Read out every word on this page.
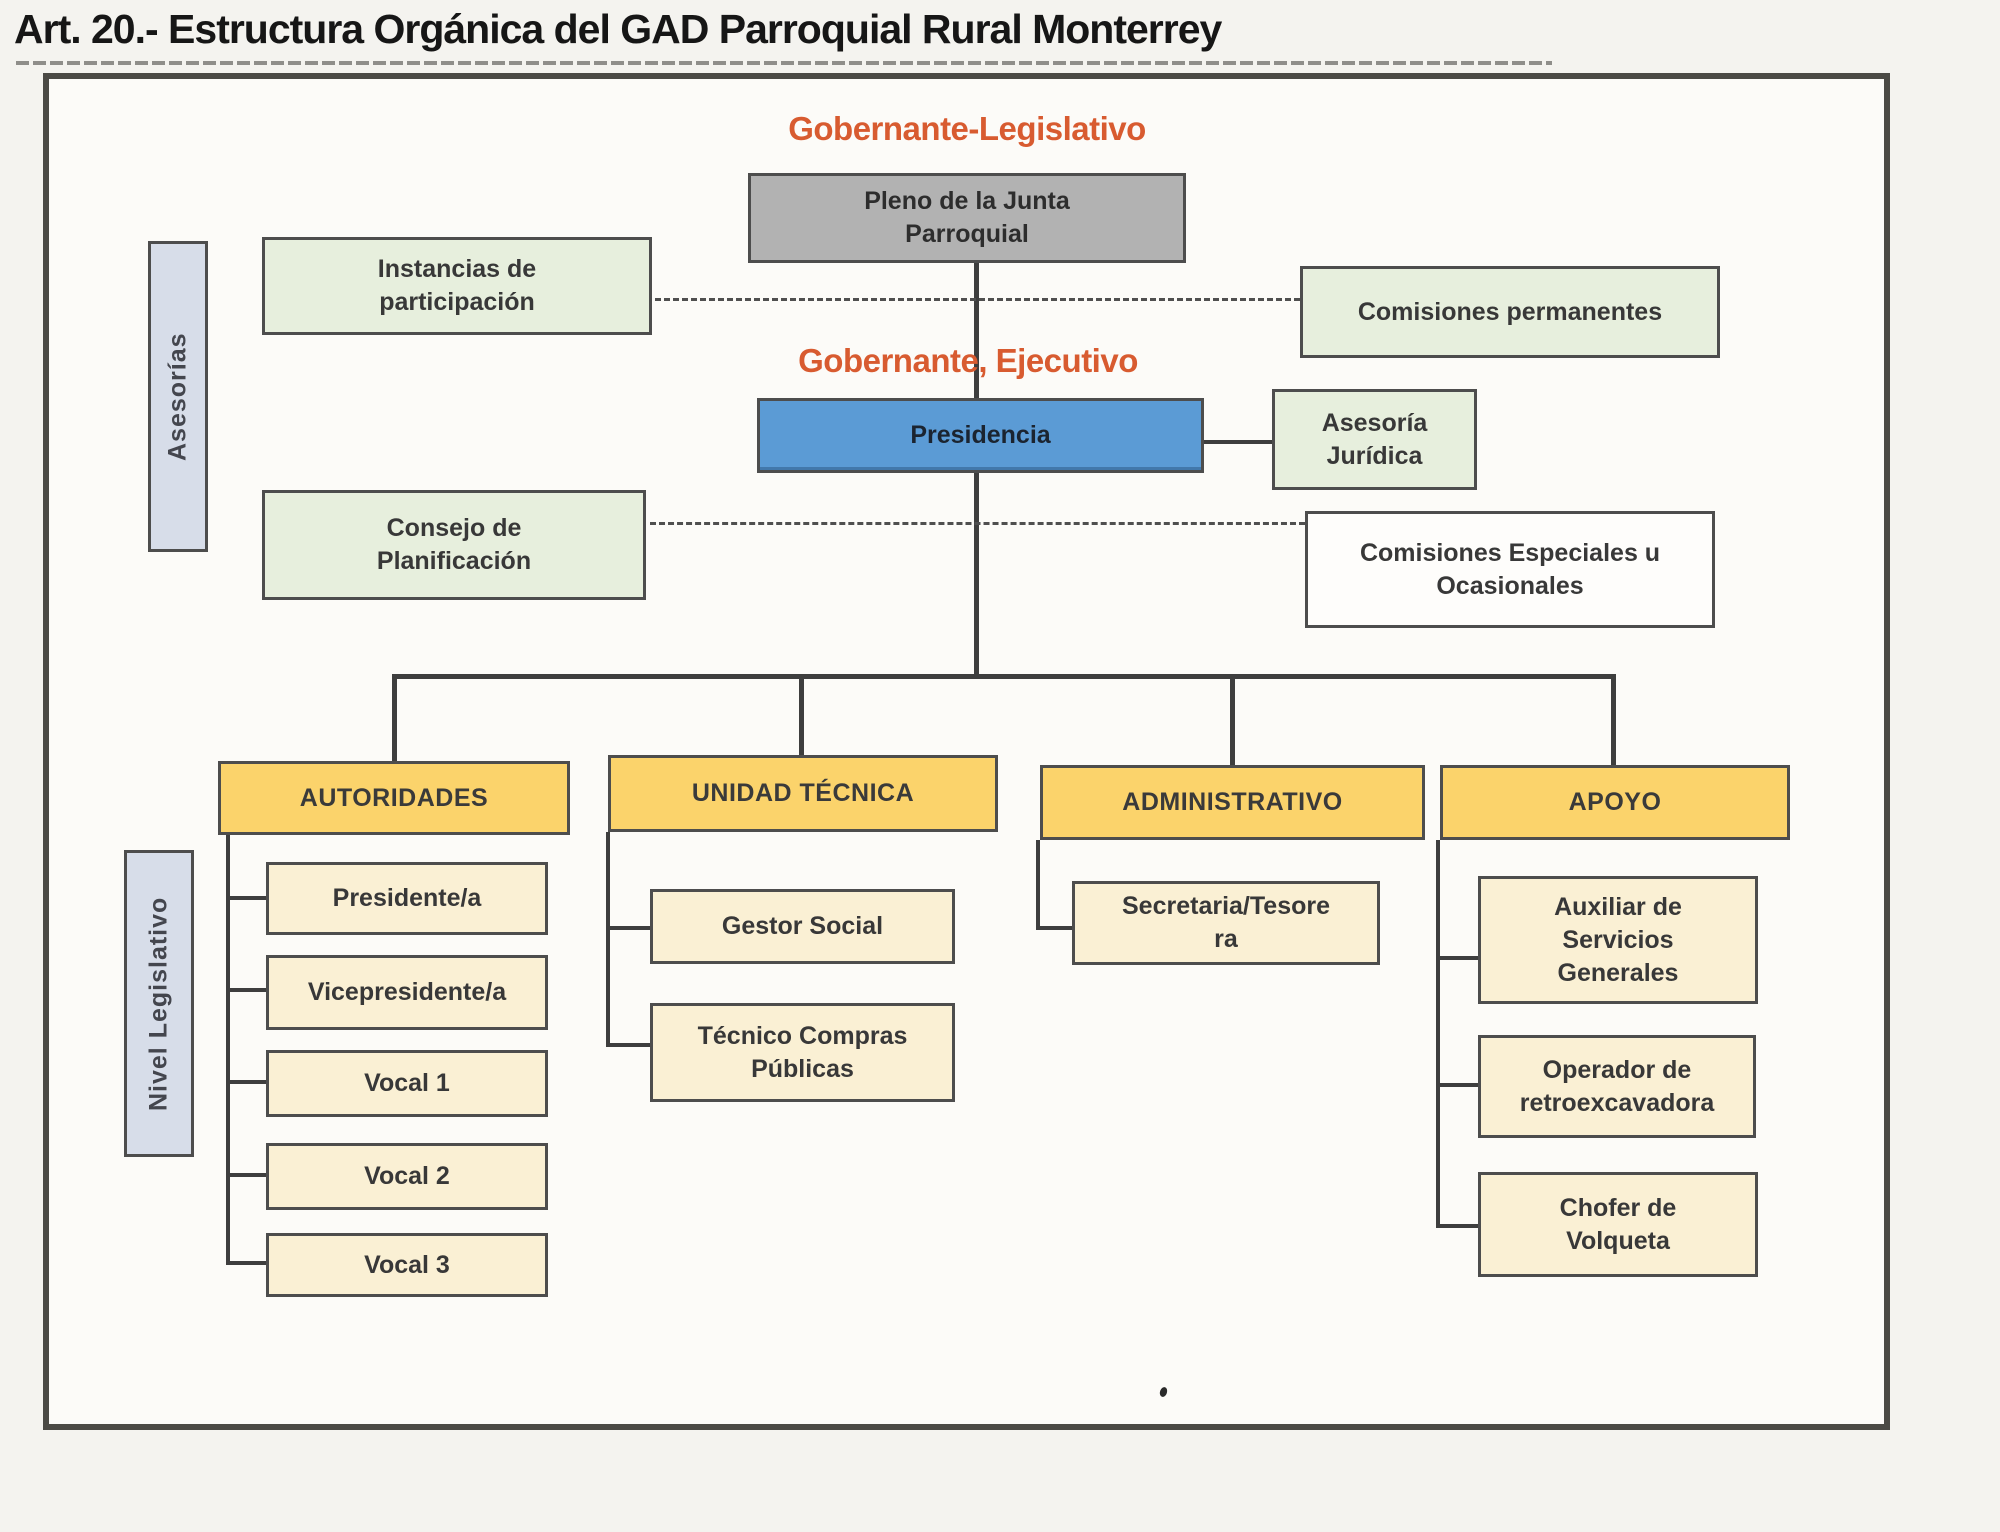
Art. 20.- Estructura Orgánica del GAD Parroquial Rural Monterrey
Gobernante-Legislativo
Gobernante, Ejecutivo
Pleno de la Junta Parroquial
Asesorías
Instancias de participación	Comisiones permanentes
Presidencia	Asesoría Jurídica
Consejo de Planificación	Comisiones Especiales u Ocasionales
AUTORIDADES	UNIDAD TÉCNICA	ADMINISTRATIVO	APOYO
Nivel Legislativo	Presidente/a
Vicepresidente/a
Vocal 1
Vocal 2
Vocal 3
Gestor Social
Técnico Compras Públicas
Secretaria/Tesorera
Auxiliar de Servicios Generales
Operador de retroexcavadora
Chofer de Volqueta
